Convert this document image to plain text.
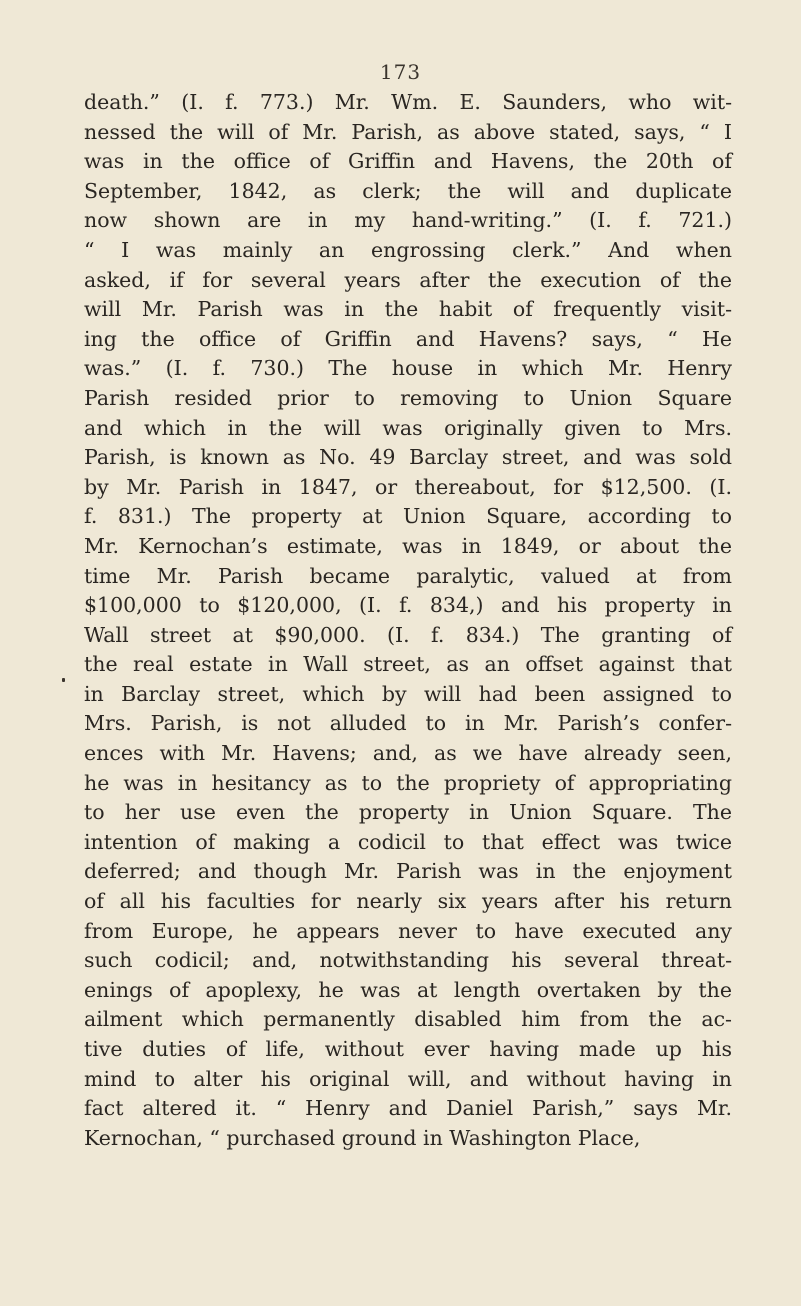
173
death.” (I. f. 773.) Mr. Wm. E. Saunders, who wit-
nessed the will of Mr. Parish, as above stated, says, “ I
was in the office of Griffin and Havens, the 20th of
September, 1842, as clerk; the will and duplicate
now shown are in my hand-writing.” (I. f. 721.)
“ I was mainly an engrossing clerk.” And when
asked, if for several years after the execution of the
will Mr. Parish was in the habit of frequently visit-
ing the office of Griffin and Havens? says, “ He
was.” (I. f. 730.) The house in which Mr. Henry
Parish resided prior to removing to Union Square
and which in the will was originally given to Mrs.
Parish, is known as No. 49 Barclay street, and was sold
by Mr. Parish in 1847, or thereabout, for $12,500. (I.
f. 831.) The property at Union Square, according to
Mr. Kernochan’s estimate, was in 1849, or about the
time Mr. Parish became paralytic, valued at from
$100,000 to $120,000, (I. f. 834,) and his property in
Wall street at $90,000. (I. f. 834.) The granting of
the real estate in Wall street, as an offset against that
in Barclay street, which by will had been assigned to
Mrs. Parish, is not alluded to in Mr. Parish’s confer-
ences with Mr. Havens; and, as we have already seen,
he was in hesitancy as to the propriety of appropriating
to her use even the property in Union Square. The
intention of making a codicil to that effect was twice
deferred; and though Mr. Parish was in the enjoyment
of all his faculties for nearly six years after his return
from Europe, he appears never to have executed any
such codicil; and, notwithstanding his several threat-
enings of apoplexy, he was at length overtaken by the
ailment which permanently disabled him from the ac-
tive duties of life, without ever having made up his
mind to alter his original will, and without having in
fact altered it. “ Henry and Daniel Parish,” says Mr.
Kernochan, “ purchased ground in Washington Place,
